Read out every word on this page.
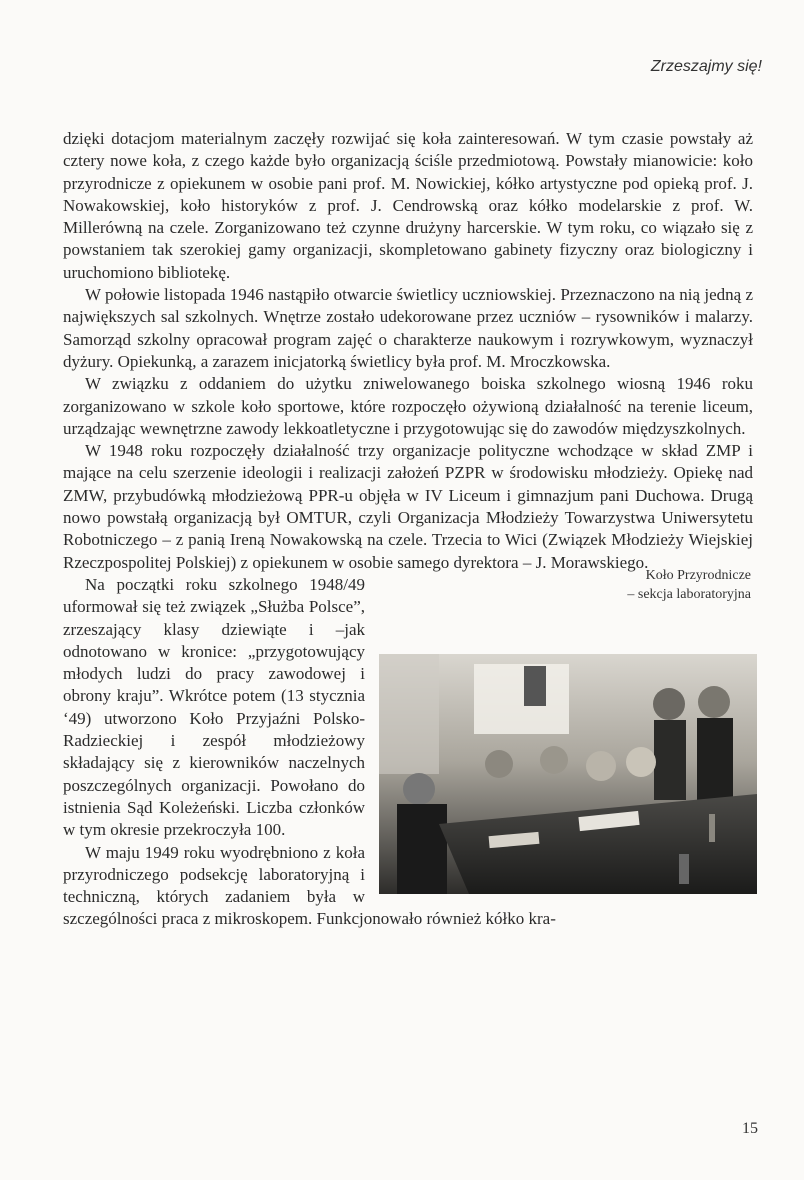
Zrzeszajmy się!

dzięki dotacjom materialnym zaczęły rozwijać się koła zainteresowań. W tym czasie powstały aż cztery nowe koła, z czego każde było organizacją ściśle przedmiotową. Powstały mianowicie: koło przyrodnicze z opiekunem w osobie pani prof. M. Nowickiej, kółko artystyczne pod opieką prof. J. Nowakowskiej, koło historyków z prof. J. Cendrowską oraz kółko modelarskie z prof. W. Millerówną na czele. Zorganizowano też czynne drużyny harcerskie. W tym roku, co wiązało się z powstaniem tak szerokiej gamy organizacji, skompletowano gabinety fizyczny oraz biologiczny i uruchomiono bibliotekę.

W połowie listopada 1946 nastąpiło otwarcie świetlicy uczniowskiej. Przeznaczono na nią jedną z największych sal szkolnych. Wnętrze zostało udekorowane przez uczniów – rysowników i malarzy. Samorząd szkolny opracował program zajęć o charakterze naukowym i rozrywkowym, wyznaczył dyżury. Opiekunką, a zarazem inicjatorką świetlicy była prof. M. Mroczkowska.

W związku z oddaniem do użytku zniwelowanego boiska szkolnego wiosną 1946 roku zorganizowano w szkole koło sportowe, które rozpoczęło ożywioną działalność na terenie liceum, urządzając wewnętrzne zawody lekkoatletyczne i przygotowując się do zawodów międzyszkolnych.

W 1948 roku rozpoczęły działalność trzy organizacje polityczne wchodzące w skład ZMP i mające na celu szerzenie ideologii i realizacji założeń PZPR w środowisku młodzieży. Opiekę nad ZMW, przybudówką młodzieżową PPR-u objęła w IV Liceum i gimnazjum pani Duchowa. Drugą nowo powstałą organizacją był OMTUR, czyli Organizacja Młodzieży Towarzystwa Uniwersytetu Robotniczego – z panią Ireną Nowakowską na czele. Trzecia to Wici (Związek Młodzieży Wiejskiej Rzeczpospolitej Polskiej) z opiekunem w osobie samego dyrektora – J. Morawskiego.

Koło Przyrodnicze
– sekcja laboratoryjna

Na początki roku szkolnego 1948/49 uformował się też związek „Służba Polsce”, zrzeszający klasy dziewiąte i –jak odnotowano w kronice: „przygotowujący młodych ludzi do pracy zawodowej i obrony kraju”. Wkrótce potem (13 stycznia ‘49) utworzono Koło Przyjaźni Polsko-Radzieckiej i zespół młodzieżowy składający się z kierowników naczelnych poszczególnych organizacji. Powołano do istnienia Sąd Koleżeński. Liczba członków w tym okresie przekroczyła 100.

W maju 1949 roku wyodrębniono z koła przyrodniczego podsekcję laboratoryjną i techniczną, których zadaniem była w szczególności praca z mikroskopem. Funkcjonowało również kółko kra-

15
